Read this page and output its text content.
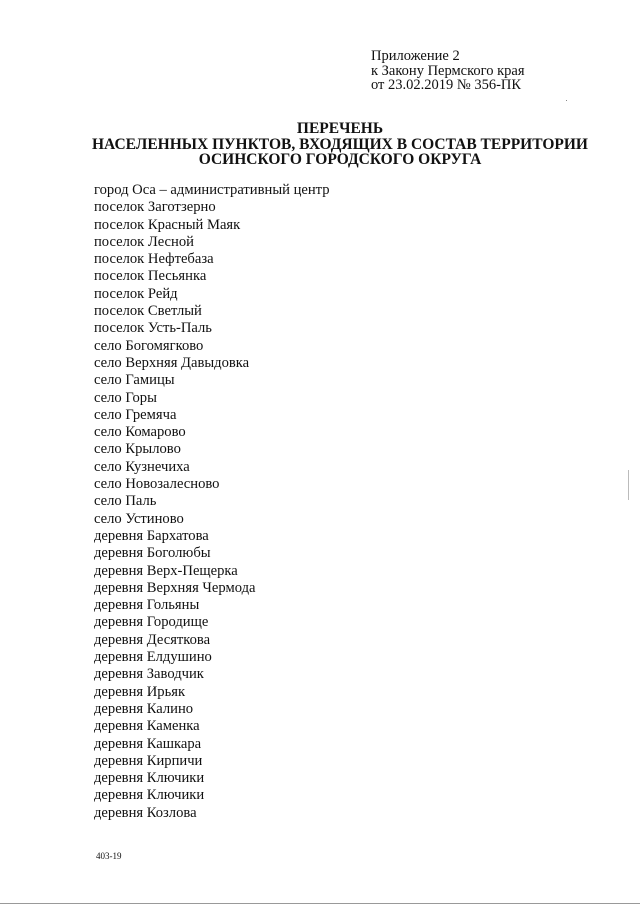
Приложение 2
к Закону Пермского края
от 23.02.2019 № 356-ПК
ПЕРЕЧЕНЬ
НАСЕЛЕННЫХ ПУНКТОВ, ВХОДЯЩИХ В СОСТАВ ТЕРРИТОРИИ
ОСИНСКОГО ГОРОДСКОГО ОКРУГА
город Оса – административный центр
поселок Заготзерно
поселок Красный Маяк
поселок Лесной
поселок Нефтебаза
поселок Песьянка
поселок Рейд
поселок Светлый
поселок Усть-Паль
село Богомягково
село Верхняя Давыдовка
село Гамицы
село Горы
село Гремяча
село Комарово
село Крылово
село Кузнечиха
село Новозалесново
село Паль
село Устиново
деревня Бархатова
деревня Боголюбы
деревня Верх-Пещерка
деревня Верхняя Чермода
деревня Гольяны
деревня Городище
деревня Десяткова
деревня Елдушино
деревня Заводчик
деревня Ирьяк
деревня Калино
деревня Каменка
деревня Кашкара
деревня Кирпичи
деревня Ключики
деревня Ключики
деревня Козлова
403-19
